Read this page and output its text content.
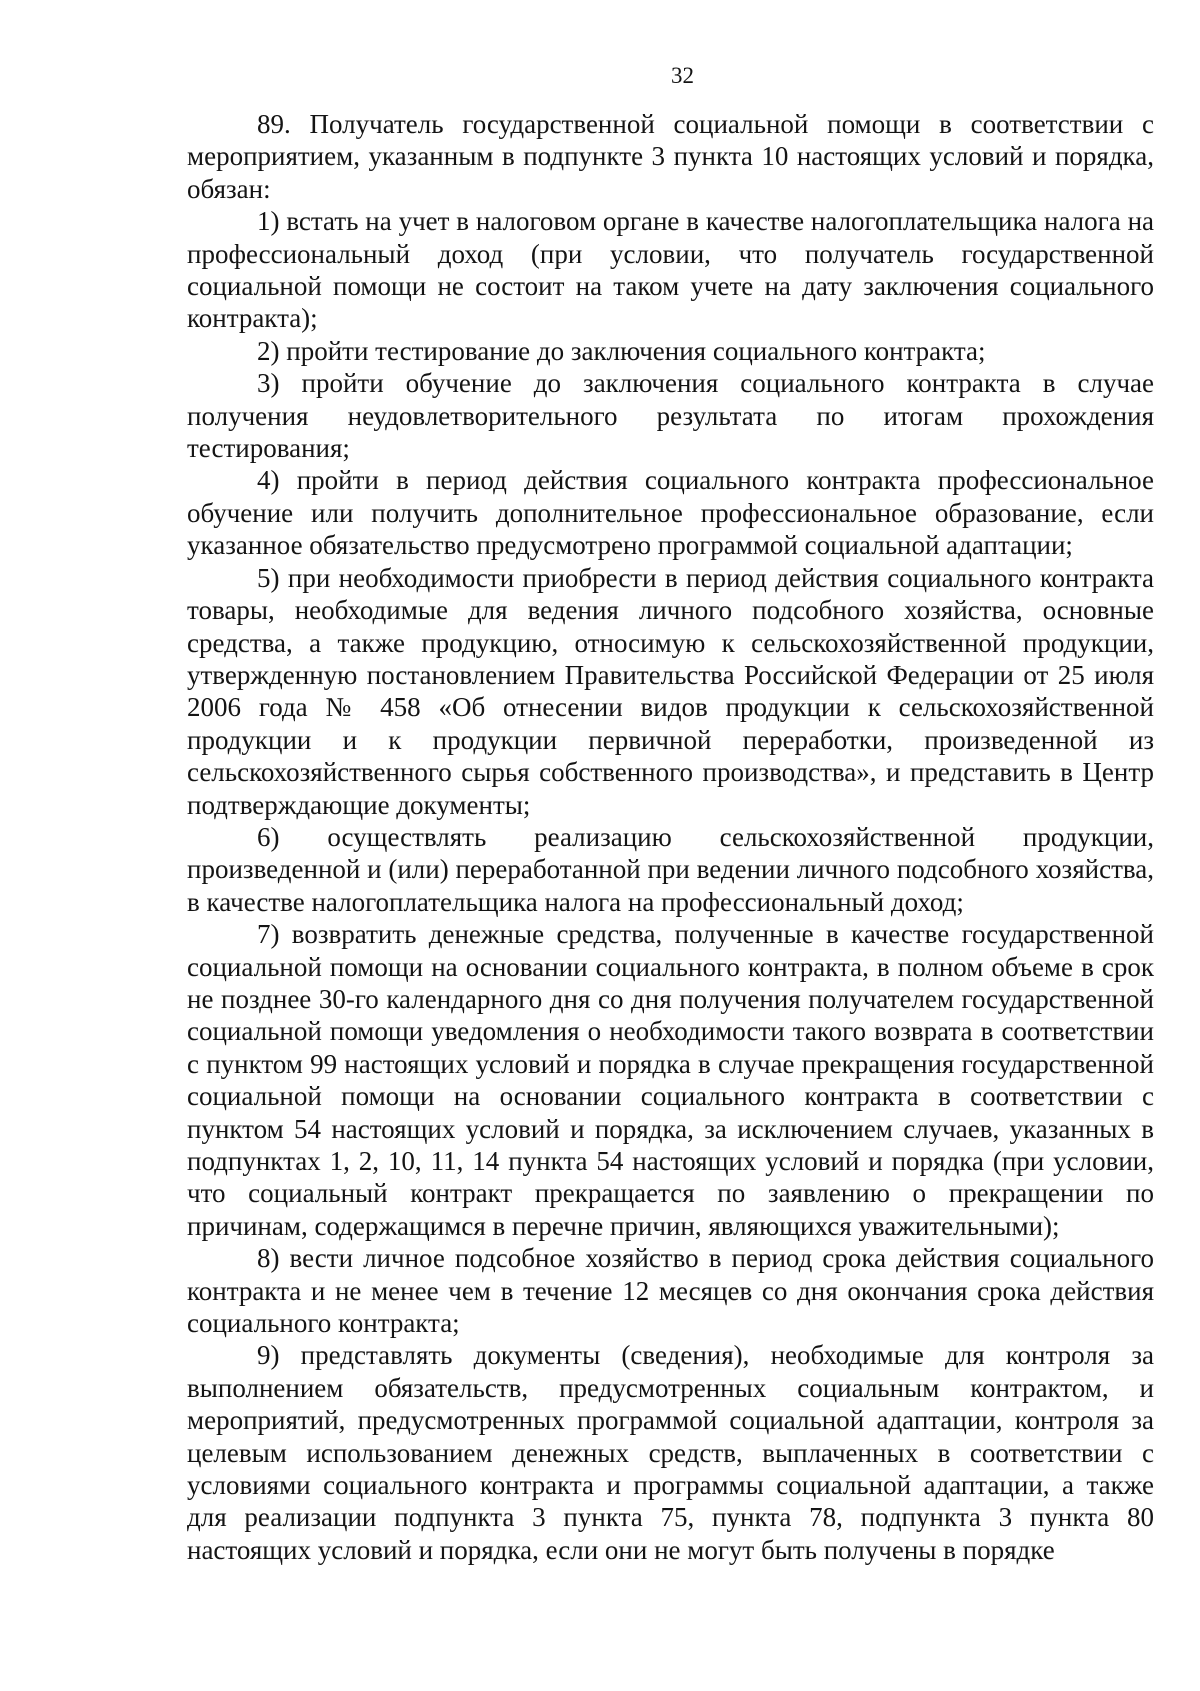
32

89. Получатель государственной социальной помощи в соответствии с мероприятием, указанным в подпункте 3 пункта 10 настоящих условий и порядка, обязан:

1) встать на учет в налоговом органе в качестве налогоплательщика налога на профессиональный доход (при условии, что получатель государственной социальной помощи не состоит на таком учете на дату заключения социального контракта);

2) пройти тестирование до заключения социального контракта;

3) пройти обучение до заключения социального контракта в случае получения неудовлетворительного результата по итогам прохождения тестирования;

4) пройти в период действия социального контракта профессиональное обучение или получить дополнительное профессиональное образование, если указанное обязательство предусмотрено программой социальной адаптации;

5) при необходимости приобрести в период действия социального контракта товары, необходимые для ведения личного подсобного хозяйства, основные средства, а также продукцию, относимую к сельскохозяйственной продукции, утвержденную постановлением Правительства Российской Федерации от 25 июля 2006 года № 458 «Об отнесении видов продукции к сельскохозяйственной продукции и к продукции первичной переработки, произведенной из сельскохозяйственного сырья собственного производства», и представить в Центр подтверждающие документы;

6) осуществлять реализацию сельскохозяйственной продукции, произведенной и (или) переработанной при ведении личного подсобного хозяйства, в качестве налогоплательщика налога на профессиональный доход;

7) возвратить денежные средства, полученные в качестве государственной социальной помощи на основании социального контракта, в полном объеме в срок не позднее 30-го календарного дня со дня получения получателем государственной социальной помощи уведомления о необходимости такого возврата в соответствии с пунктом 99 настоящих условий и порядка в случае прекращения государственной социальной помощи на основании социального контракта в соответствии с пунктом 54 настоящих условий и порядка, за исключением случаев, указанных в подпунктах 1, 2, 10, 11, 14 пункта 54 настоящих условий и порядка (при условии, что социальный контракт прекращается по заявлению о прекращении по причинам, содержащимся в перечне причин, являющихся уважительными);

8) вести личное подсобное хозяйство в период срока действия социального контракта и не менее чем в течение 12 месяцев со дня окончания срока действия социального контракта;

9) представлять документы (сведения), необходимые для контроля за выполнением обязательств, предусмотренных социальным контрактом, и мероприятий, предусмотренных программой социальной адаптации, контроля за целевым использованием денежных средств, выплаченных в соответствии с условиями социального контракта и программы социальной адаптации, а также для реализации подпункта 3 пункта 75, пункта 78, подпункта 3 пункта 80 настоящих условий и порядка, если они не могут быть получены в порядке
